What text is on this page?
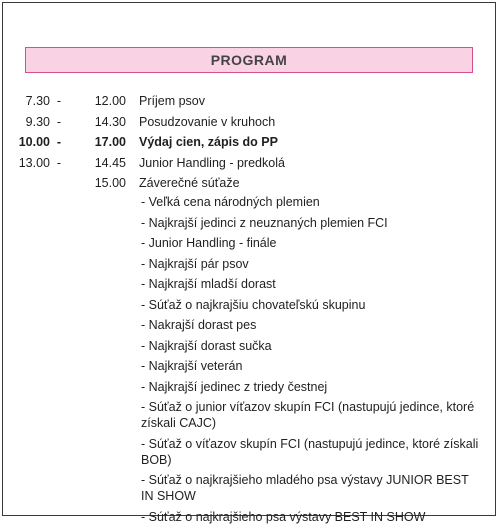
PROGRAM
7.30 -	12.00 Príjem psov
9.30 -	14.30 Posudzovanie v kruhoch
10.00 -	17.00 Výdaj cien, zápis do PP
13.00 -	14.45 Junior Handling - predkolá
15.00 Záverečné súťaže
- Veľká cena národných plemien
- Najkrajší jedinci z neuznaných plemien FCI
- Junior Handling - finále
- Najkrajší pár psov
- Najkrajší mladší dorast
- Súťaž o najkrajšiu chovateľskú skupinu
- Nakrajší dorast pes
- Najkrajší dorast sučka
- Najkrajší veterán
- Najkrajší jedinec z triedy čestnej
- Súťaž o junior víťazov skupín FCI (nastupujú jedince, ktoré získali CAJC)
- Súťaž o víťazov skupín FCI (nastupujú jedince, ktoré získali BOB)
- Súťaž o najkrajšieho mladého psa výstavy JUNIOR BEST IN SHOW
- Súťaž o najkrajšieho psa výstavy BEST IN SHOW
